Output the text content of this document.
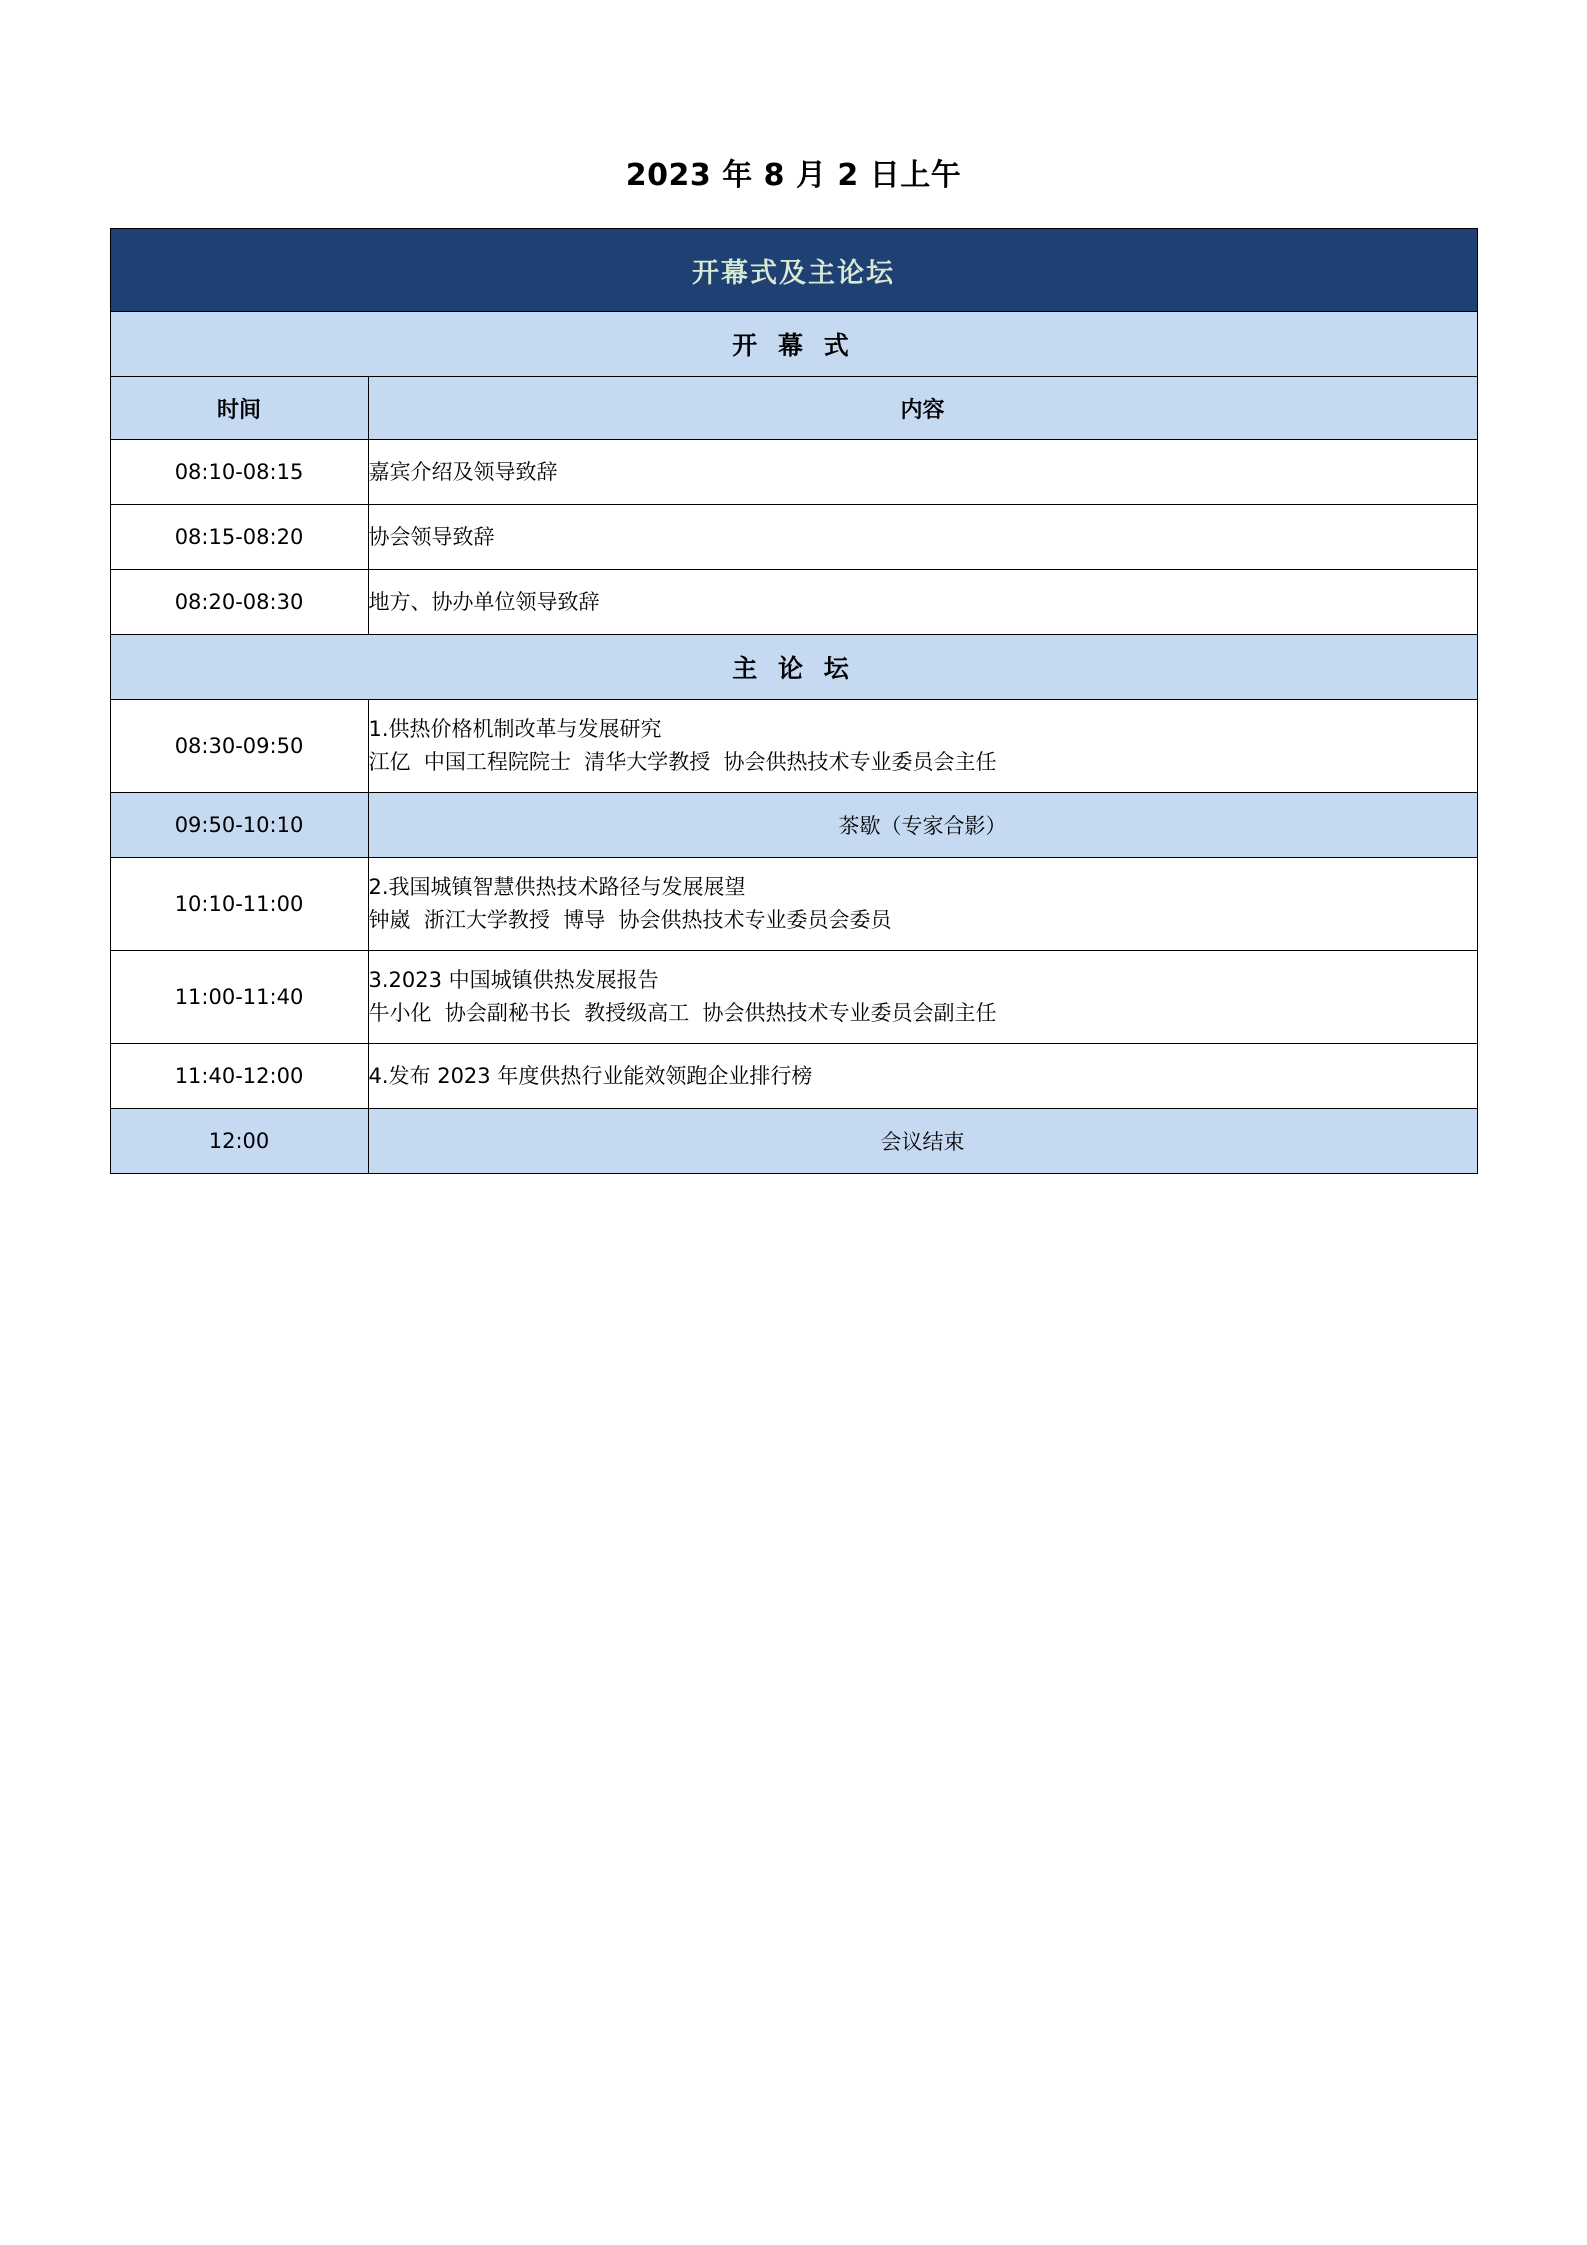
2023 年 8 月 2 日上午
开幕式及主论坛	
开 幕 式	
时间	内容
08:10-08:15	嘉宾介绍及领导致辞

08:15-08:20	协会领导致辞

08:20-08:30	地方、协办单位领导致辞

主 论 坛	
08:30-09:50	1.供热价格机制改革与发展研究
江亿  中国工程院院士  清华大学教授  协会供热技术专业委员会主任

09:50-10:10	茶歇（专家合影）
10:10-11:00	2.我国城镇智慧供热技术路径与发展展望
钟崴  浙江大学教授  博导  协会供热技术专业委员会委员

11:00-11:40	3.2023 中国城镇供热发展报告
牛小化  协会副秘书长  教授级高工  协会供热技术专业委员会副主任

11:40-12:00	4.发布 2023 年度供热行业能效领跑企业排行榜

12:00	会议结束
